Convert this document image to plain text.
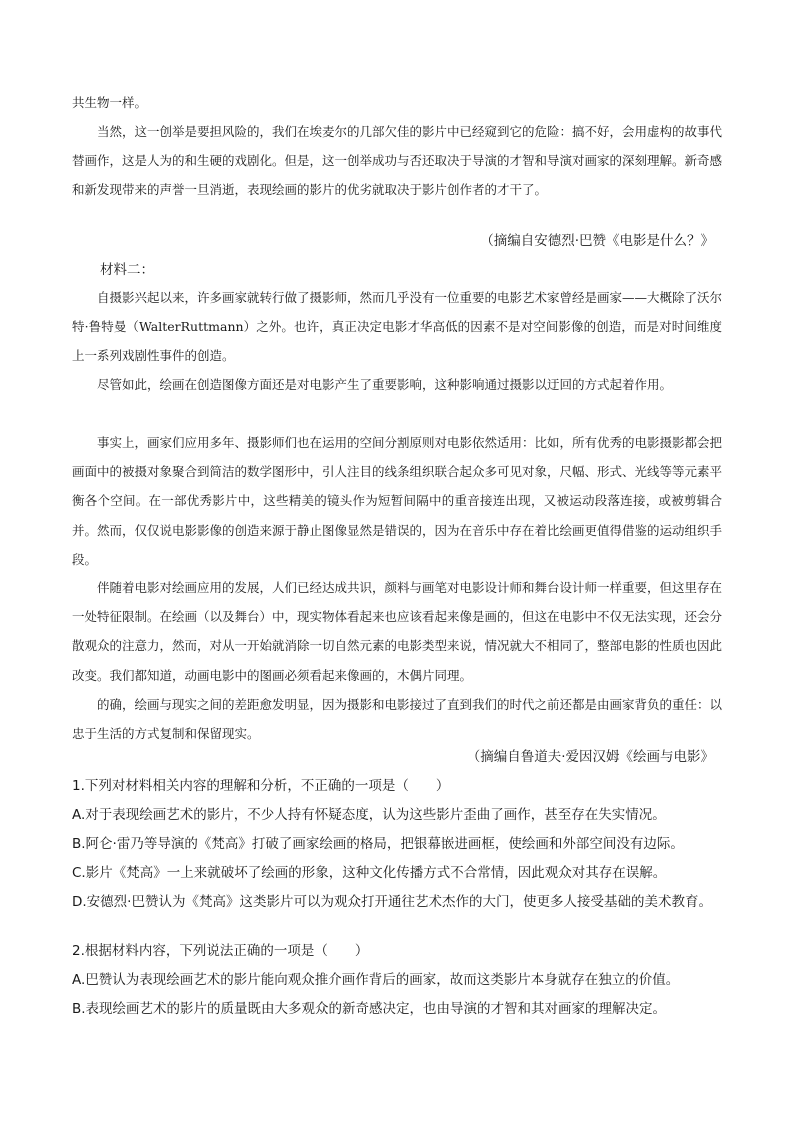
共生物一样。

当然，这一创举是要担风险的，我们在埃麦尔的几部欠佳的影片中已经窥到它的危险：搞不好，会用虚构的故事代替画作，这是人为的和生硬的戏剧化。但是，这一创举成功与否还取决于导演的才智和导演对画家的深刻理解。新奇感和新发现带来的声誉一旦消逝，表现绘画的影片的优劣就取决于影片创作者的才干了。

（摘编自安德烈·巴赞《电影是什么？》

材料二：

自摄影兴起以来，许多画家就转行做了摄影师，然而几乎没有一位重要的电影艺术家曾经是画家——大概除了沃尔特·鲁特曼（WalterRuttmann）之外。也许，真正决定电影才华高低的因素不是对空间影像的创造，而是对时间维度上一系列戏剧性事件的创造。

尽管如此，绘画在创造图像方面还是对电影产生了重要影响，这种影响通过摄影以迂回的方式起着作用。

事实上，画家们应用多年、摄影师们也在运用的空间分割原则对电影依然适用：比如，所有优秀的电影摄影都会把画面中的被摄对象聚合到简洁的数学图形中，引人注目的线条组织联合起众多可见对象，尺幅、形式、光线等等元素平衡各个空间。在一部优秀影片中，这些精美的镜头作为短暂间隔中的重音接连出现，又被运动段落连接，或被剪辑合并。然而，仅仅说电影影像的创造来源于静止图像显然是错误的，因为在音乐中存在着比绘画更值得借鉴的运动组织手段。

伴随着电影对绘画应用的发展，人们已经达成共识，颜料与画笔对电影设计师和舞台设计师一样重要，但这里存在一处特征限制。在绘画（以及舞台）中，现实物体看起来也应该看起来像是画的，但这在电影中不仅无法实现，还会分散观众的注意力，然而，对从一开始就消除一切自然元素的电影类型来说，情况就大不相同了，整部电影的性质也因此改变。我们都知道，动画电影中的图画必须看起来像画的，木偶片同理。

的确，绘画与现实之间的差距愈发明显，因为摄影和电影接过了直到我们的时代之前还都是由画家背负的重任：以忠于生活的方式复制和保留现实。

（摘编自鲁道夫·爱因汉姆《绘画与电影》

1.下列对材料相关内容的理解和分析，不正确的一项是（　　）

A.对于表现绘画艺术的影片，不少人持有怀疑态度，认为这些影片歪曲了画作，甚至存在失实情况。

B.阿仑·雷乃等导演的《梵高》打破了画家绘画的格局，把银幕嵌进画框，使绘画和外部空间没有边际。

C.影片《梵高》一上来就破坏了绘画的形象，这种文化传播方式不合常情，因此观众对其存在误解。

D.安德烈·巴赞认为《梵高》这类影片可以为观众打开通往艺术杰作的大门，使更多人接受基础的美术教育。

2.根据材料内容，下列说法正确的一项是（　　）

A.巴赞认为表现绘画艺术的影片能向观众推介画作背后的画家，故而这类影片本身就存在独立的价值。

B.表现绘画艺术的影片的质量既由大多观众的新奇感决定，也由导演的才智和其对画家的理解决定。
